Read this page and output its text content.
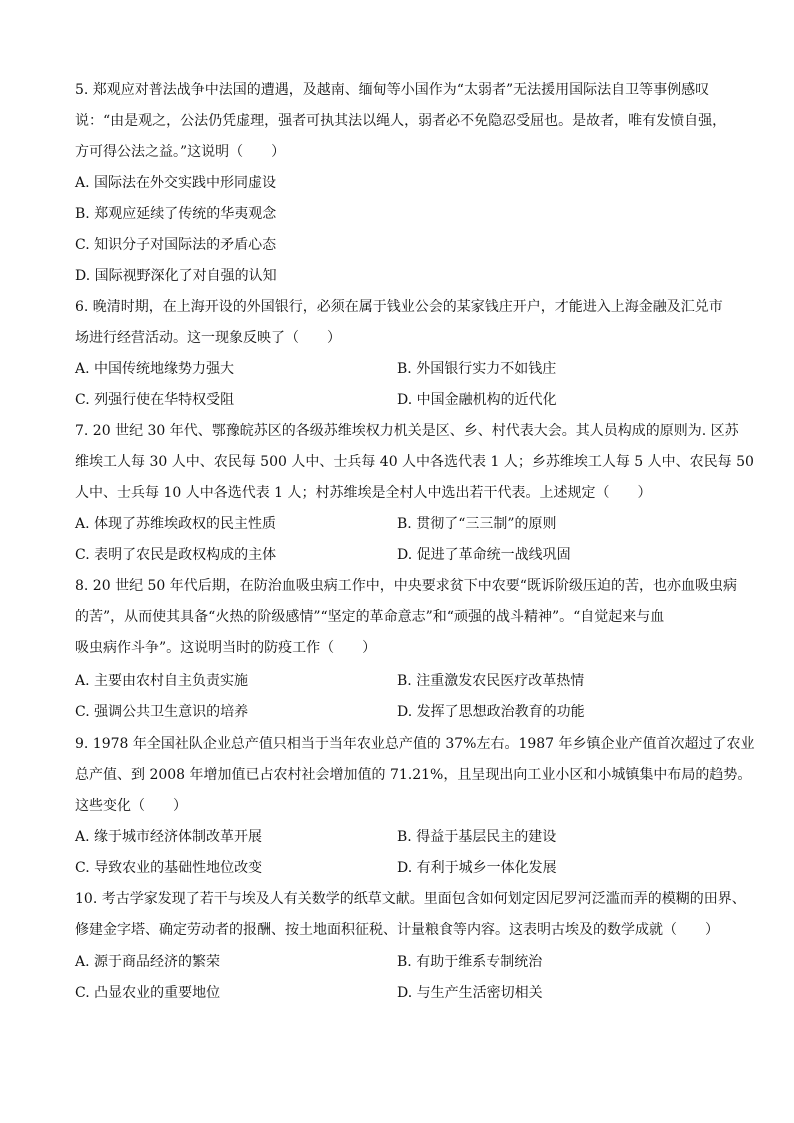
5. 郑观应对普法战争中法国的遭遇，及越南、缅甸等小国作为“太弱者”无法援用国际法自卫等事例感叹
说：“由是观之，公法仍凭虚理，强者可执其法以绳人，弱者必不免隐忍受屈也。是故者，唯有发愤自强，
方可得公法之益。”这说明（　　）
A. 国际法在外交实践中形同虚设
B. 郑观应延续了传统的华夷观念
C. 知识分子对国际法的矛盾心态
D. 国际视野深化了对自强的认知
6. 晚清时期，在上海开设的外国银行，必须在属于钱业公会的某家钱庄开户，才能进入上海金融及汇兑市
场进行经营活动。这一现象反映了（　　）
A. 中国传统地缘势力强大	B. 外国银行实力不如钱庄
C. 列强行使在华特权受阻	D. 中国金融机构的近代化
7. 20 世纪 30 年代、鄂豫皖苏区的各级苏维埃权力机关是区、乡、村代表大会。其人员构成的原则为. 区苏
维埃工人每 30 人中、农民每 500 人中、士兵每 40 人中各选代表 1 人；乡苏维埃工人每 5 人中、农民每 50
人中、士兵每 10 人中各选代表 1 人；村苏维埃是全村人中选出若干代表。上述规定（　　）
A. 体现了苏维埃政权的民主性质	B. 贯彻了“三三制”的原则
C. 表明了农民是政权构成的主体	D. 促进了革命统一战线巩固
8. 20 世纪 50 年代后期，在防治血吸虫病工作中，中央要求贫下中农要“既诉阶级压迫的苦，也亦血吸虫病
的苦”，从而使其具备“火热的阶级感情”“坚定的革命意志”和“顽强的战斗精神”。“自觉起来与血
吸虫病作斗争”。这说明当时的防疫工作（　　）
A. 主要由农村自主负责实施	B. 注重激发农民医疗改革热情
C. 强调公共卫生意识的培养	D. 发挥了思想政治教育的功能
9. 1978 年全国社队企业总产值只相当于当年农业总产值的 37%左右。1987 年乡镇企业产值首次超过了农业
总产值、到 2008 年增加值已占农村社会增加值的 71.21%，且呈现出向工业小区和小城镇集中布局的趋势。
这些变化（　　）
A. 缘于城市经济体制改革开展	B. 得益于基层民主的建设
C. 导致农业的基础性地位改变	D. 有利于城乡一体化发展
10. 考古学家发现了若干与埃及人有关数学的纸草文献。里面包含如何划定因尼罗河泛滥而弄的模糊的田界、
修建金字塔、确定劳动者的报酬、按土地面积征税、计量粮食等内容。这表明古埃及的数学成就（　　）
A. 源于商品经济的繁荣	B. 有助于维系专制统治
C. 凸显农业的重要地位	D. 与生产生活密切相关
